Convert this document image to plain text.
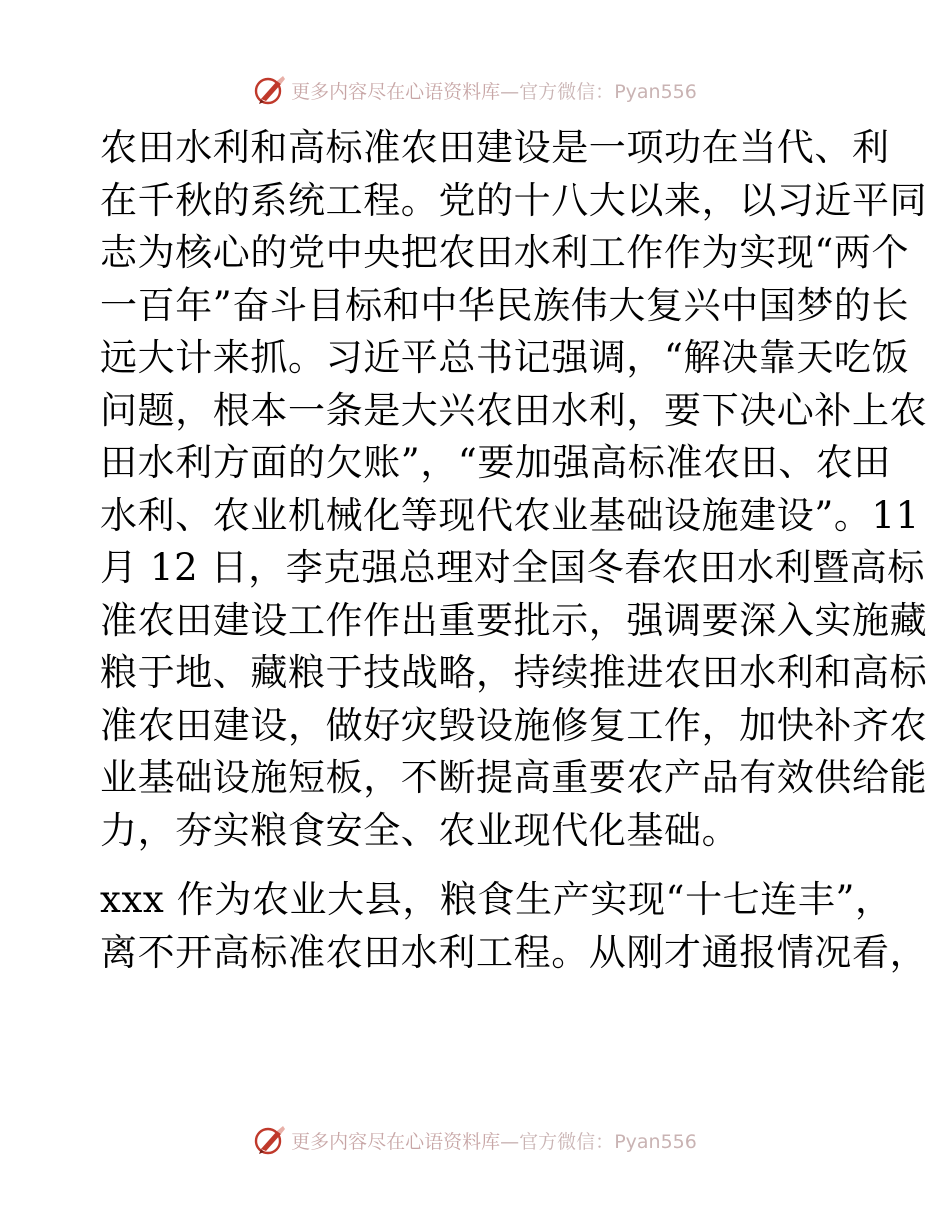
更多内容尽在心语资料库—官方微信：Pyan556

农田水利和高标准农田建设是一项功在当代、利
在千秋的系统工程。党的十八大以来，以习近平同
志为核心的党中央把农田水利工作作为实现“两个
一百年”奋斗目标和中华民族伟大复兴中国梦的长
远大计来抓。习近平总书记强调，“解决靠天吃饭
问题，根本一条是大兴农田水利，要下决心补上农
田水利方面的欠账”，“要加强高标准农田、农田
水利、农业机械化等现代农业基础设施建设”。11
月 12 日，李克强总理对全国冬春农田水利暨高标
准农田建设工作作出重要批示，强调要深入实施藏
粮于地、藏粮于技战略，持续推进农田水利和高标
准农田建设，做好灾毁设施修复工作，加快补齐农
业基础设施短板，不断提高重要农产品有效供给能
力，夯实粮食安全、农业现代化基础。

xxx 作为农业大县，粮食生产实现“十七连丰”，
离不开高标准农田水利工程。从刚才通报情况看，

更多内容尽在心语资料库—官方微信：Pyan556
